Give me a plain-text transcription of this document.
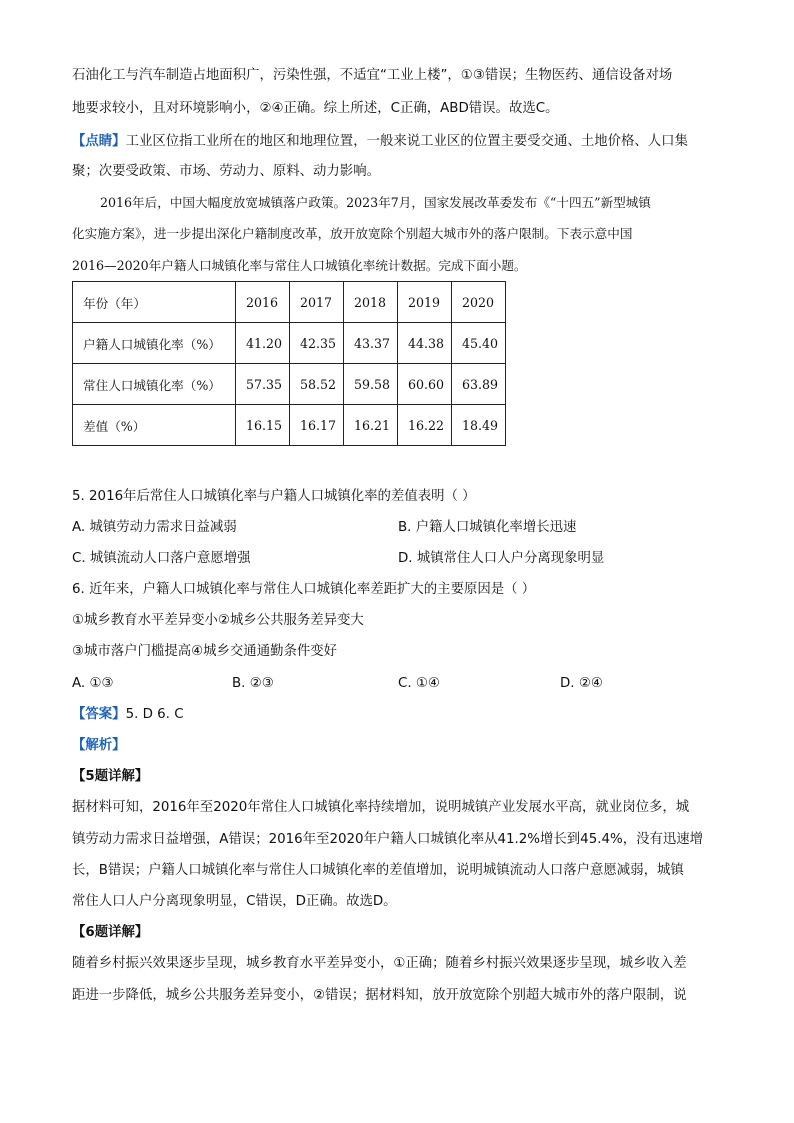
石油化工与汽车制造占地面积广，污染性强，不适宜“工业上楼”，①③错误；生物医药、通信设备对场

地要求较小，且对环境影响小，②④正确。综上所述，C正确，ABD错误。故选C。

【点睛】工业区位指工业所在的地区和地理位置，一般来说工业区的位置主要受交通、土地价格、人口集

聚；次要受政策、市场、劳动力、原料、动力影响。

2016年后，中国大幅度放宽城镇落户政策。2023年7月，国家发展改革委发布《“十四五”新型城镇

化实施方案》，进一步提出深化户籍制度改革，放开放宽除个别超大城市外的落户限制。下表示意中国

2016—2020年户籍人口城镇化率与常住人口城镇化率统计数据。完成下面小题。

年份（年）	2016	2017	2018	2019	2020
户籍人口城镇化率（%）	41.20	42.35	43.37	44.38	45.40
常住人口城镇化率（%）	57.35	58.52	59.58	60.60	63.89
差值（%）	16.15	16.17	16.21	16.22	18.49

5. 2016年后常住人口城镇化率与户籍人口城镇化率的差值表明（ ）

A. 城镇劳动力需求日益减弱	B. 户籍人口城镇化率增长迅速
C. 城镇流动人口落户意愿增强	D. 城镇常住人口人户分离现象明显

6. 近年来，户籍人口城镇化率与常住人口城镇化率差距扩大的主要原因是（ ）

①城乡教育水平差异变小②城乡公共服务差异变大

③城市落户门槛提高④城乡交通通勤条件变好

A. ①③	B. ②③	C. ①④	D. ②④

【答案】5. D 6. C

【解析】

【5题详解】

据材料可知，2016年至2020年常住人口城镇化率持续增加，说明城镇产业发展水平高，就业岗位多，城

镇劳动力需求日益增强，A错误；2016年至2020年户籍人口城镇化率从41.2%增长到45.4%，没有迅速增

长，B错误；户籍人口城镇化率与常住人口城镇化率的差值增加，说明城镇流动人口落户意愿减弱，城镇

常住人口人户分离现象明显，C错误，D正确。故选D。

【6题详解】

随着乡村振兴效果逐步呈现，城乡教育水平差异变小，①正确；随着乡村振兴效果逐步呈现，城乡收入差

距进一步降低，城乡公共服务差异变小，②错误；据材料知，放开放宽除个别超大城市外的落户限制，说
